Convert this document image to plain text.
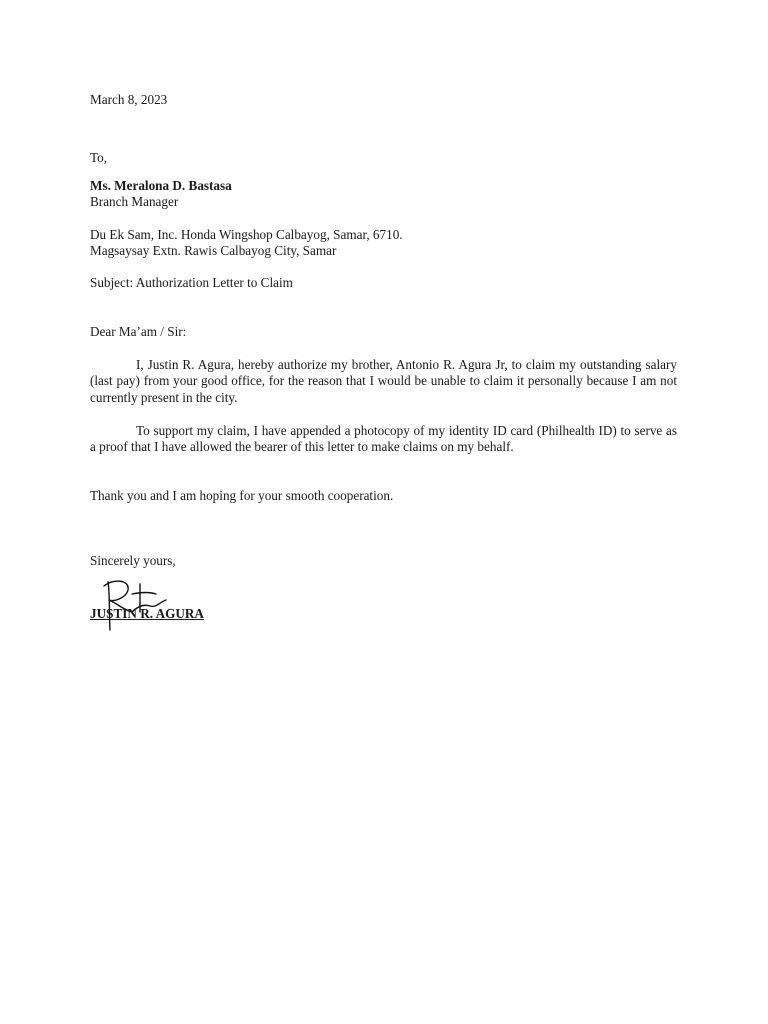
March 8, 2023
To,
Ms. Meralona D. Bastasa
Branch Manager
Du Ek Sam, Inc. Honda Wingshop Calbayog, Samar, 6710.
Magsaysay Extn. Rawis Calbayog City, Samar
Subject: Authorization Letter to Claim
Dear Ma’am / Sir:
I, Justin R. Agura, hereby authorize my brother, Antonio R. Agura Jr, to claim my outstanding salary (last pay) from your good office, for the reason that I would be unable to claim it personally because I am not currently present in the city.
To support my claim, I have appended a photocopy of my identity ID card (Philhealth ID) to serve as a proof that I have allowed the bearer of this letter to make claims on my behalf.
Thank you and I am hoping for your smooth cooperation.
Sincerely yours,
JUSTIN R. AGURA
